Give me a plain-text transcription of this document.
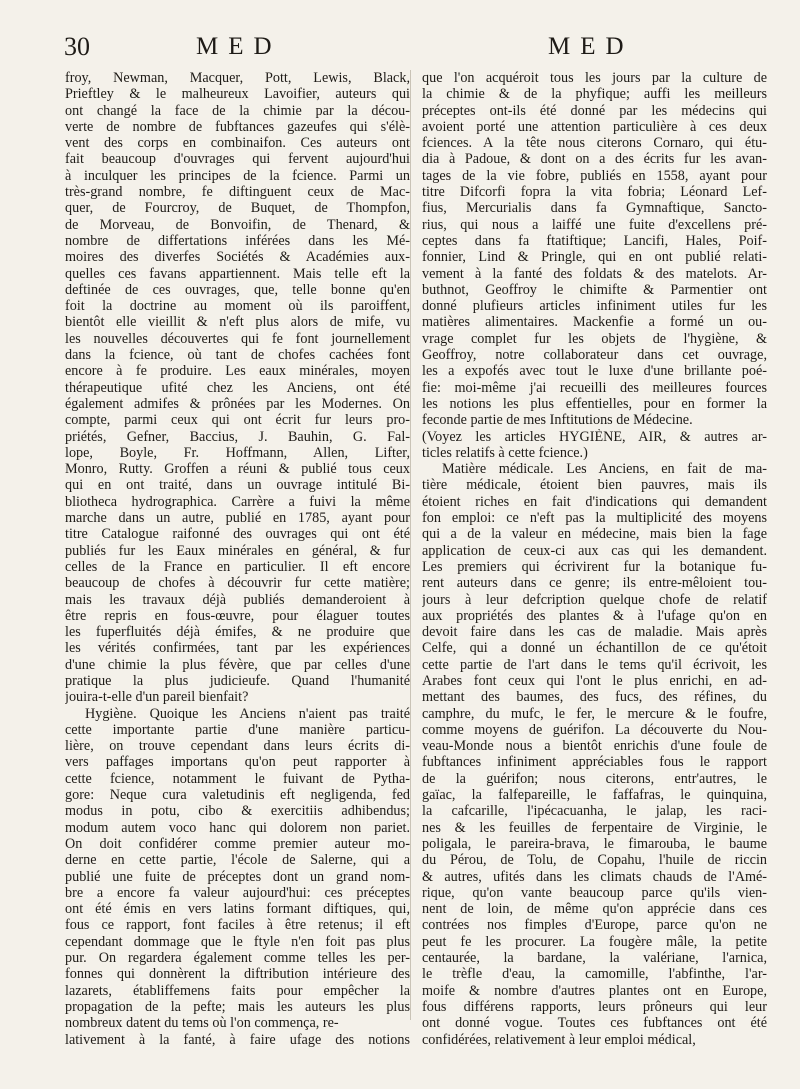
30	MED	MED
froy, Newman, Macquer, Pott, Lewis, Black,
Prieftley & le malheureux Lavoifier, auteurs qui
ont changé la face de la chimie par la décou-
verte de nombre de fubftances gazeufes qui s'élè-
vent des corps en combinaifon. Ces auteurs ont
fait beaucoup d'ouvrages qui fervent aujourd'hui
à inculquer les principes de la fcience. Parmi un
très-grand nombre, fe diftinguent ceux de Mac-
quer, de Fourcroy, de Buquet, de Thompfon,
de Morveau, de Bonvoifin, de Thenard, &
nombre de differtations inférées dans les Mé-
moires des diverfes Sociétés & Académies aux-
quelles ces favans appartiennent. Mais telle eft la
deftinée de ces ouvrages, que, telle bonne qu'en
foit la doctrine au moment où ils paroiffent,
bientôt elle vieillit & n'eft plus alors de mife, vu
les nouvelles découvertes qui fe font journellement
dans la fcience, où tant de chofes cachées font
encore à fe produire. Les eaux minérales, moyen
thérapeutique ufité chez les Anciens, ont été
également admifes & prônées par les Modernes. On
compte, parmi ceux qui ont écrit fur leurs pro-
priétés, Gefner, Baccius, J. Bauhin, G. Fal-
lope, Boyle, Fr. Hoffmann, Allen, Lifter,
Monro, Rutty. Groffen a réuni & publié tous ceux
qui en ont traité, dans un ouvrage intitulé Bi-
bliotheca hydrographica. Carrère a fuivi la même
marche dans un autre, publié en 1785, ayant pour
titre Catalogue raifonné des ouvrages qui ont été
publiés fur les Eaux minérales en général, & fur
celles de la France en particulier. Il eft encore
beaucoup de chofes à découvrir fur cette matière;
mais les travaux déjà publiés demanderoient à
être repris en fous-œuvre, pour élaguer toutes
les fuperfluités déjà émifes, & ne produire que
les vérités confirmées, tant par les expériences
d'une chimie la plus févère, que par celles d'une
pratique la plus judicieufe. Quand l'humanité
jouira-t-elle d'un pareil bienfait?
Hygiène. Quoique les Anciens n'aient pas traité
cette importante partie d'une manière particu-
lière, on trouve cependant dans leurs écrits di-
vers paffages importans qu'on peut rapporter à
cette fcience, notamment le fuivant de Pytha-
gore: Neque cura valetudinis eft negligenda, fed
modus in potu, cibo & exercitiis adhibendus;
modum autem voco hanc qui dolorem non pariet.
On doit confidérer comme premier auteur mo-
derne en cette partie, l'école de Salerne, qui a
publié une fuite de préceptes dont un grand nom-
bre a encore fa valeur aujourd'hui: ces préceptes
ont été émis en vers latins formant diftiques, qui,
fous ce rapport, font faciles à être retenus; il eft
cependant dommage que le ftyle n'en foit pas plus
pur. On regardera également comme telles les per-
fonnes qui donnèrent la diftribution intérieure des
lazarets, établiffemens faits pour empêcher la
propagation de la pefte; mais les auteurs les plus
nombreux datent du tems où l'on commença, re-
lativement à la fanté, à faire ufage des notions
que l'on acquéroit tous les jours par la culture de
la chimie & de la phyfique; auffi les meilleurs
préceptes ont-ils été donné par les médecins qui
avoient porté une attention particulière à ces deux
fciences. A la tête nous citerons Cornaro, qui étu-
dia à Padoue, & dont on a des écrits fur les avan-
tages de la vie fobre, publiés en 1558, ayant pour
titre Difcorfi fopra la vita fobria; Léonard Lef-
fius, Mercurialis dans fa Gymnaftique, Sancto-
rius, qui nous a laiffé une fuite d'excellens pré-
ceptes dans fa ftatiftique; Lancifi, Hales, Poif-
fonnier, Lind & Pringle, qui en ont publié relati-
vement à la fanté des foldats & des matelots. Ar-
buthnot, Geoffroy le chimifte & Parmentier ont
donné plufieurs articles infiniment utiles fur les
matières alimentaires. Mackenfie a formé un ou-
vrage complet fur les objets de l'hygiène, &
Geoffroy, notre collaborateur dans cet ouvrage,
les a expofés avec tout le luxe d'une brillante poé-
fie: moi-même j'ai recueilli des meilleures fources
les notions les plus effentielles, pour en former la
feconde partie de mes Inftitutions de Médecine.
(Voyez les articles HYGIÈNE, AIR, & autres ar-
ticles relatifs à cette fcience.)
Matière médicale. Les Anciens, en fait de ma-
tière médicale, étoient bien pauvres, mais ils
étoient riches en fait d'indications qui demandent
fon emploi: ce n'eft pas la multiplicité des moyens
qui a de la valeur en médecine, mais bien la fage
application de ceux-ci aux cas qui les demandent.
Les premiers qui écrivirent fur la botanique fu-
rent auteurs dans ce genre; ils entre-mêloient tou-
jours à leur defcription quelque chofe de relatif
aux propriétés des plantes & à l'ufage qu'on en
devoit faire dans les cas de maladie. Mais après
Celfe, qui a donné un échantillon de ce qu'étoit
cette partie de l'art dans le tems qu'il écrivoit, les
Arabes font ceux qui l'ont le plus enrichi, en ad-
mettant des baumes, des fucs, des réfines, du
camphre, du mufc, le fer, le mercure & le foufre,
comme moyens de guérifon. La découverte du Nou-
veau-Monde nous a bientôt enrichis d'une foule de
fubftances infiniment appréciables fous le rapport
de la guérifon; nous citerons, entr'autres, le
gaïac, la falfepareille, le faffafras, le quinquina,
la cafcarille, l'ipécacuanha, le jalap, les raci-
nes & les feuilles de ferpentaire de Virginie, le
poligala, le pareira-brava, le fimarouba, le baume
du Pérou, de Tolu, de Copahu, l'huile de riccin
& autres, ufités dans les climats chauds de l'Amé-
rique, qu'on vante beaucoup parce qu'ils vien-
nent de loin, de même qu'on apprécie dans ces
contrées nos fimples d'Europe, parce qu'on ne
peut fe les procurer. La fougère mâle, la petite
centaurée, la bardane, la valériane, l'arnica,
le trèfle d'eau, la camomille, l'abfinthe, l'ar-
moife & nombre d'autres plantes ont en Europe,
fous différens rapports, leurs prôneurs qui leur
ont donné vogue. Toutes ces fubftances ont été
confidérées, relativement à leur emploi médical,
